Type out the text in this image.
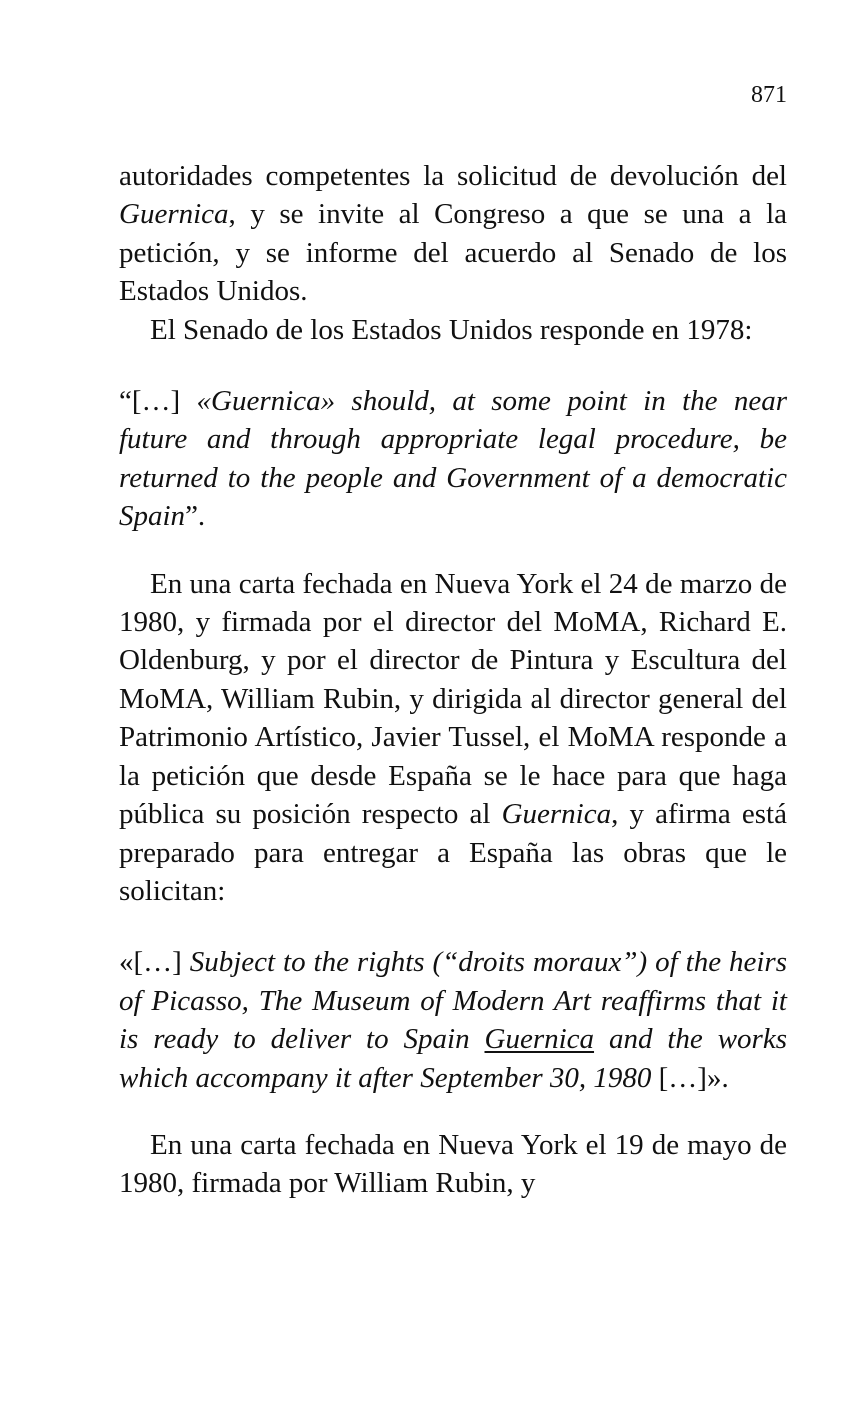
871

autoridades competentes la solicitud de devolución del Guernica, y se invite al Congreso a que se una a la petición, y se informe del acuerdo al Senado de los Estados Unidos.

El Senado de los Estados Unidos responde en 1978:

“[…] «Guernica» should, at some point in the near future and through appropriate legal procedure, be returned to the people and Government of a democratic Spain”.

En una carta fechada en Nueva York el 24 de marzo de 1980, y firmada por el director del MoMA, Richard E. Oldenburg, y por el director de Pintura y Escultura del MoMA, William Rubin, y dirigida al director general del Patrimonio Artístico, Javier Tussel, el MoMA responde a la petición que desde España se le hace para que haga pública su posición respecto al Guernica, y afirma está preparado para entregar a España las obras que le solicitan:

«[…] Subject to the rights (“droits moraux”) of the heirs of Picasso, The Museum of Modern Art reaffirms that it is ready to deliver to Spain Guernica and the works which accompany it after September 30, 1980 […]».

En una carta fechada en Nueva York el 19 de mayo de 1980, firmada por William Rubin, y
